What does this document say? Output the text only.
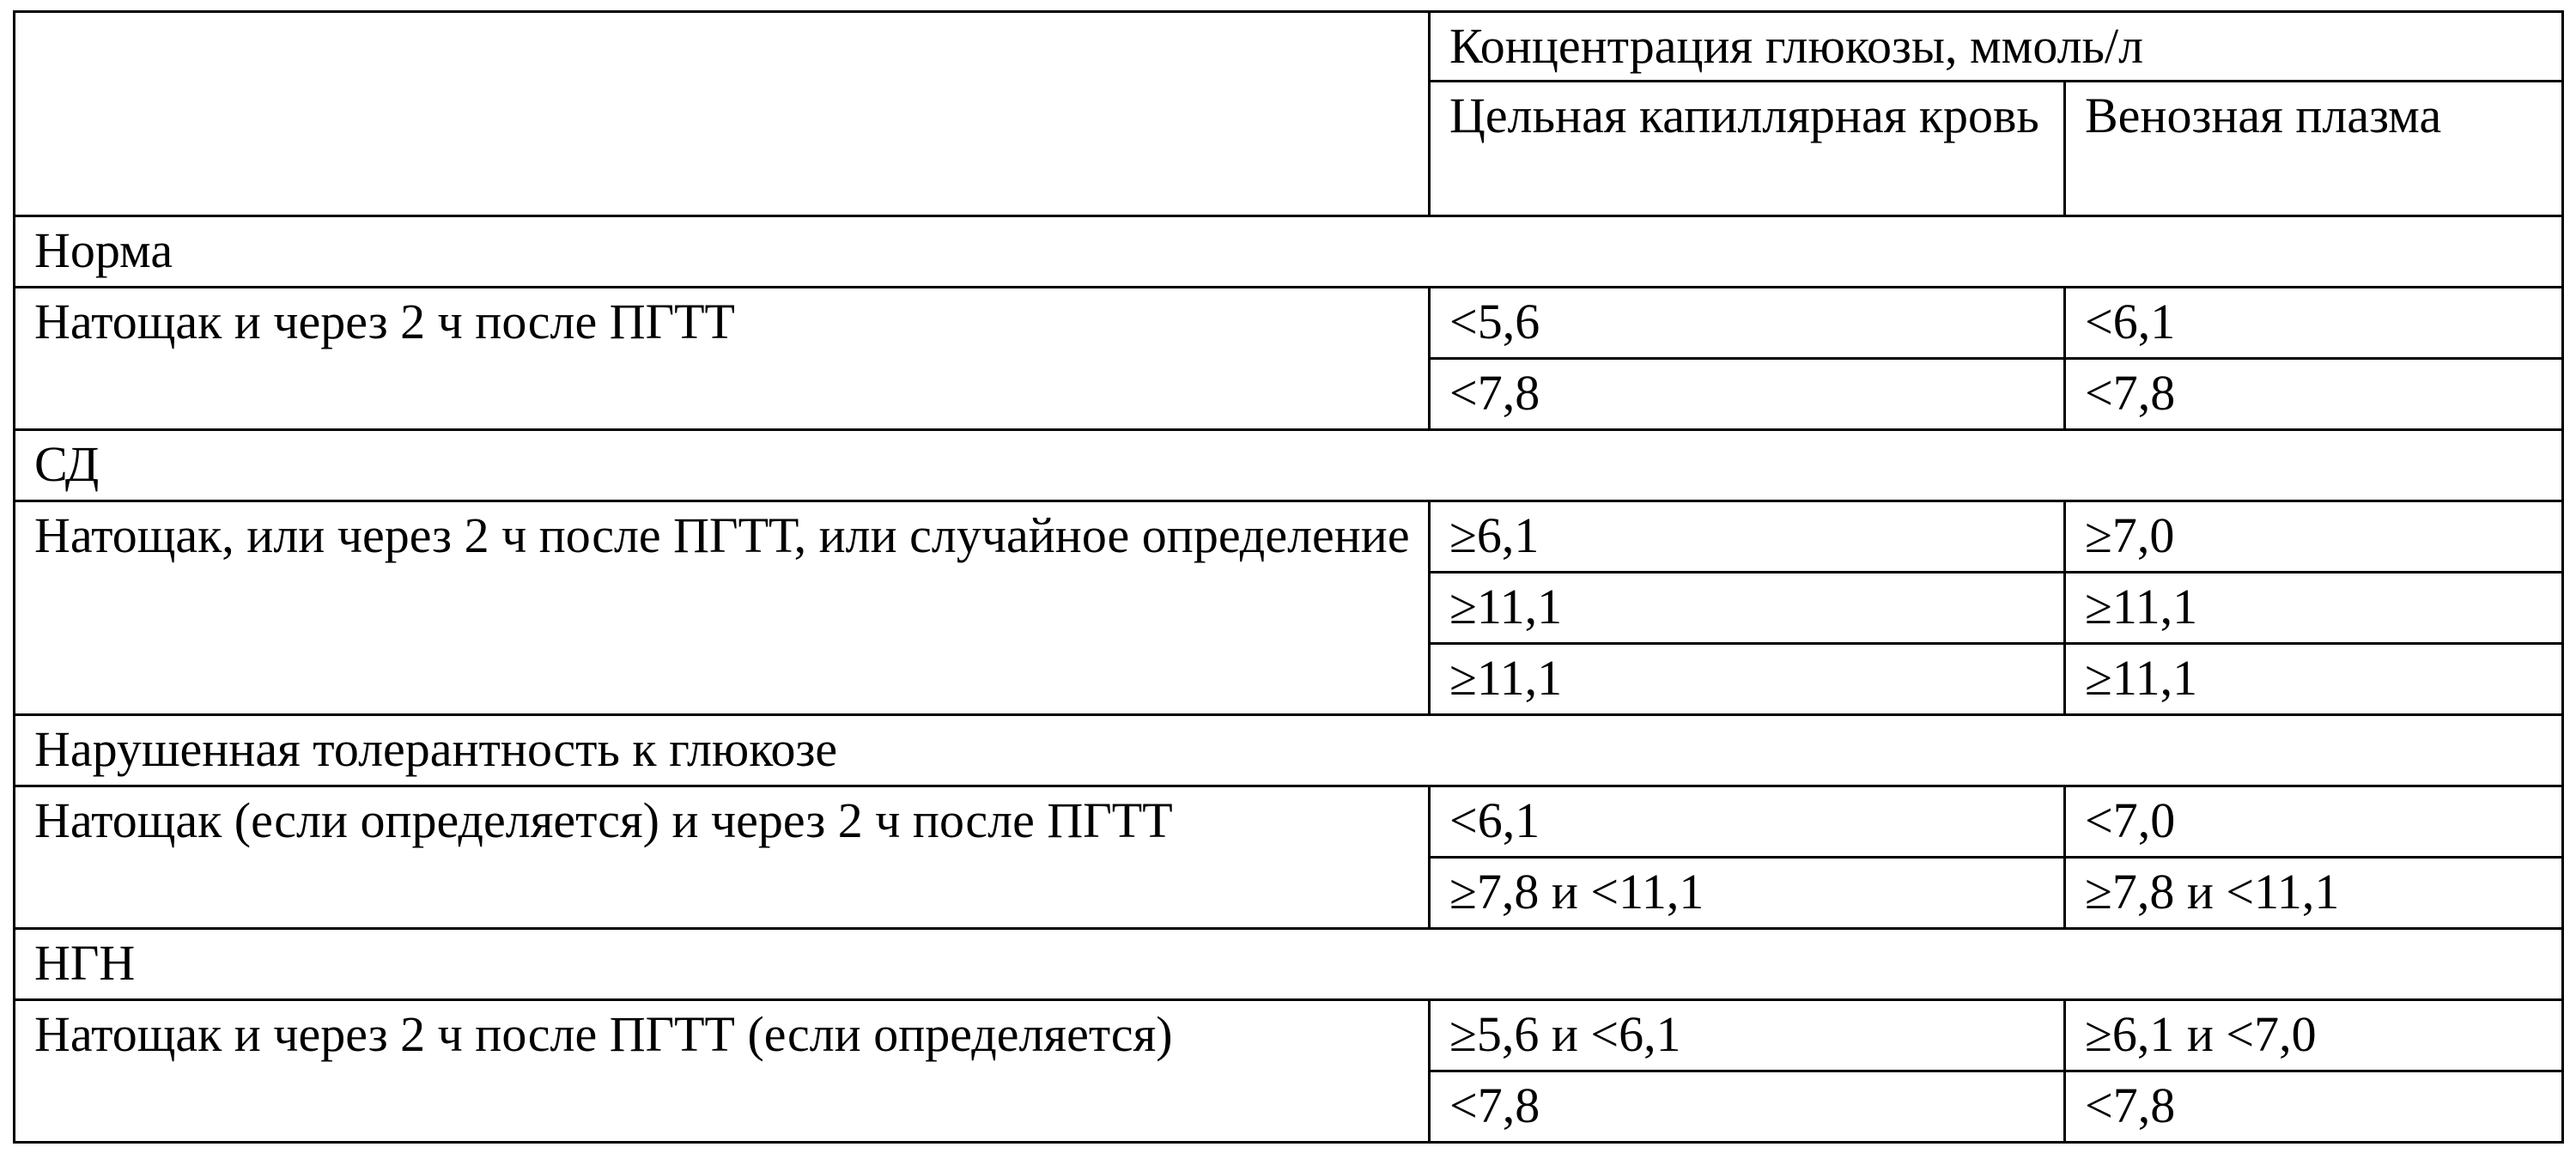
	Концентрация глюкозы, ммоль/л	
	Цельная капиллярная кровь	Венозная плазма
Норма		
Натощак и через 2 ч после ПГТТ	<5,6	<6,1
	<7,8	<7,8
СД		
Натощак, или через 2 ч после ПГТТ, или случайное определение	≥6,1	≥7,0
	≥11,1	≥11,1
	≥11,1	≥11,1
Нарушенная толерантность к глюкозе		
Натощак (если определяется) и через 2 ч после ПГТТ	<6,1	<7,0
	≥7,8 и <11,1	≥7,8 и <11,1
НГН		
Натощак и через 2 ч после ПГТТ (если определяется)	≥5,6 и <6,1	≥6,1 и <7,0
	<7,8	<7,8
